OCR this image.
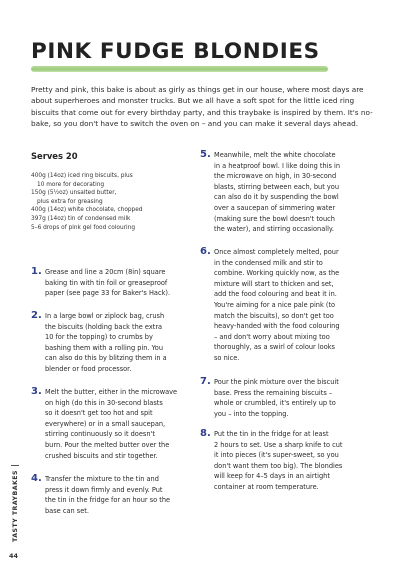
PINK FUDGE BLONDIES
Pretty and pink, this bake is about as girly as things get in our house, where most days are
about superheroes and monster trucks. But we all have a soft spot for the little iced ring
biscuits that come out for every birthday party, and this traybake is inspired by them. It's no-
bake, so you don't have to switch the oven on – and you can make it several days ahead.
Serves 20
400g (14oz) iced ring biscuits, plus
10 more for decorating
150g (5½oz) unsalted butter,
plus extra for greasing
400g (14oz) white chocolate, chopped
397g (14oz) tin of condensed milk
5–6 drops of pink gel food colouring
1. Grease and line a 20cm (8in) square
baking tin with tin foil or greaseproof
paper (see page 33 for Baker's Hack).
2. In a large bowl or ziplock bag, crush
the biscuits (holding back the extra
10 for the topping) to crumbs by
bashing them with a rolling pin. You
can also do this by blitzing them in a
blender or food processor.
3. Melt the butter, either in the microwave
on high (do this in 30-second blasts
so it doesn't get too hot and spit
everywhere) or in a small saucepan,
stirring continuously so it doesn't
burn. Pour the melted butter over the
crushed biscuits and stir together.
4. Transfer the mixture to the tin and
press it down firmly and evenly. Put
the tin in the fridge for an hour so the
base can set.
5. Meanwhile, melt the white chocolate
in a heatproof bowl. I like doing this in
the microwave on high, in 30-second
blasts, stirring between each, but you
can also do it by suspending the bowl
over a saucepan of simmering water
(making sure the bowl doesn't touch
the water), and stirring occasionally.
6. Once almost completely melted, pour
in the condensed milk and stir to
combine. Working quickly now, as the
mixture will start to thicken and set,
add the food colouring and beat it in.
You're aiming for a nice pale pink (to
match the biscuits), so don't get too
heavy-handed with the food colouring
– and don't worry about mixing too
thoroughly, as a swirl of colour looks
so nice.
7. Pour the pink mixture over the biscuit
base. Press the remaining biscuits –
whole or crumbled, it's entirely up to
you – into the topping.
8. Put the tin in the fridge for at least
2 hours to set. Use a sharp knife to cut
it into pieces (it's super-sweet, so you
don't want them too big). The blondies
will keep for 4–5 days in an airtight
container at room temperature.
TASTY TRAYBAKES
44
